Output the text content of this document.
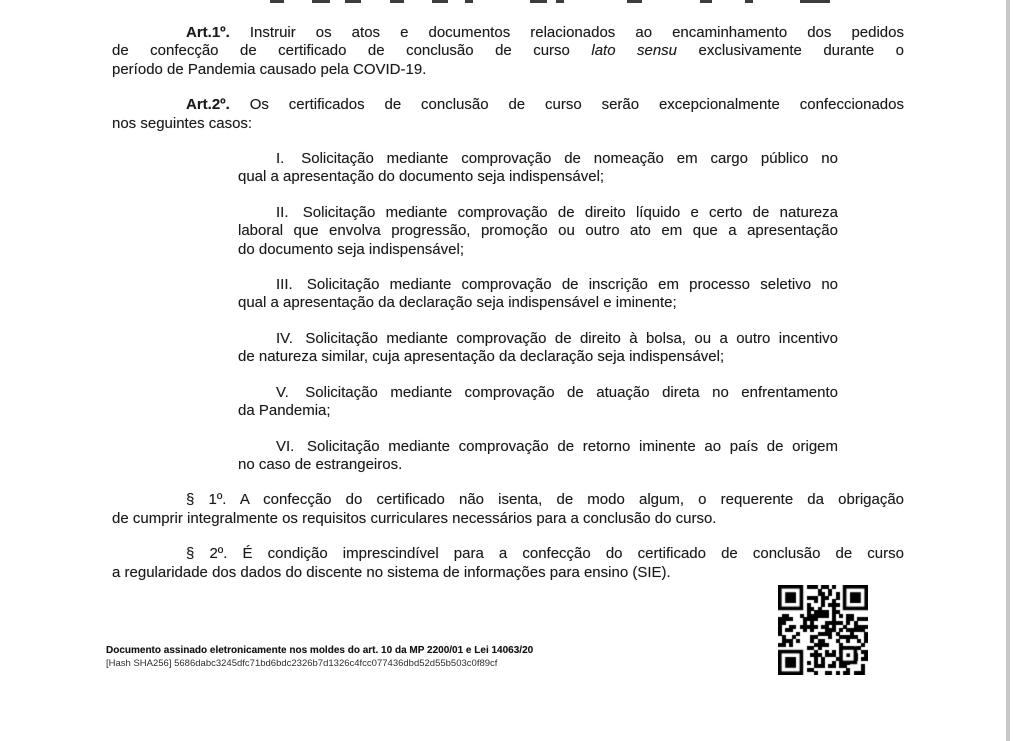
Art.1º. Instruir os atos e documentos relacionados ao encaminhamento dos pedidos
de confecção de certificado de conclusão de curso lato sensu exclusivamente durante o
período de Pandemia causado pela COVID-19.
Art.2º. Os certificados de conclusão de curso serão excepcionalmente confeccionados
nos seguintes casos:
I. Solicitação mediante comprovação de nomeação em cargo público no
qual a apresentação do documento seja indispensável;
II. Solicitação mediante comprovação de direito líquido e certo de natureza
laboral que envolva progressão, promoção ou outro ato em que a apresentação
do documento seja indispensável;
III. Solicitação mediante comprovação de inscrição em processo seletivo no
qual a apresentação da declaração seja indispensável e iminente;
IV. Solicitação mediante comprovação de direito à bolsa, ou a outro incentivo
de natureza similar, cuja apresentação da declaração seja indispensável;
V. Solicitação mediante comprovação de atuação direta no enfrentamento
da Pandemia;
VI. Solicitação mediante comprovação de retorno iminente ao país de origem
no caso de estrangeiros.
§ 1º. A confecção do certificado não isenta, de modo algum, o requerente da obrigação
de cumprir integralmente os requisitos curriculares necessários para a conclusão do curso.
§ 2º. É condição imprescindível para a confecção do certificado de conclusão de curso
a regularidade dos dados do discente no sistema de informações para ensino (SIE).
Documento assinado eletronicamente nos moldes do art. 10 da MP 2200/01 e Lei 14063/20
[Hash SHA256] 5686dabc3245dfc71bd6bdc2326b7d1326c4fcc077436dbd52d55b503c0f89cf
